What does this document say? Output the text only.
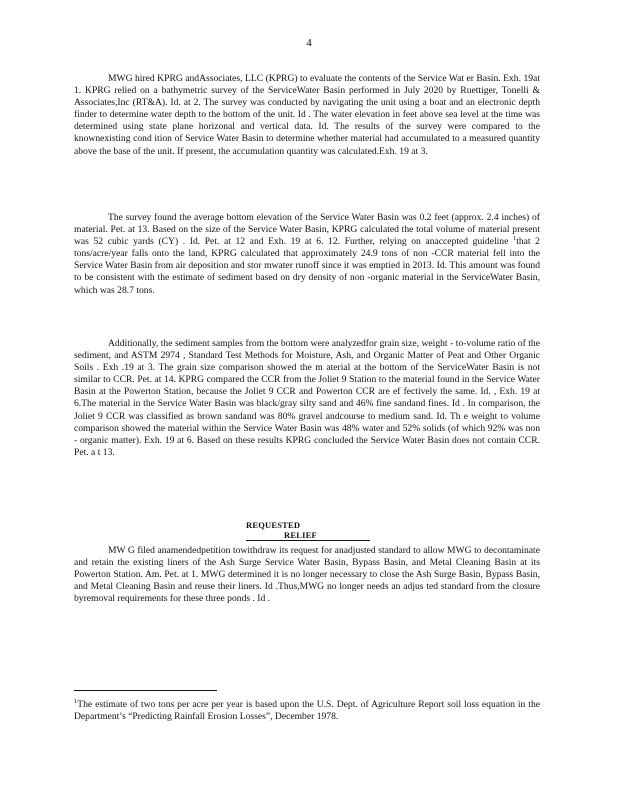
4

MWG hired KPRG andAssociates, LLC (KPRG) to evaluate the contents of the Service Wat er Basin. Exh. 19at 1. KPRG relied on a bathymetric survey of the ServiceWater Basin performed in July 2020 by Ruettiger, Tonelli & Associates,Inc (RT&A). Id. at 2. The survey was conducted by navigating the unit using a boat and an electronic depth finder to determine water depth to the bottom of the unit. Id . The water elevation in feet above sea level at the time was determined using state plane horizonal and vertical data. Id. The results of the survey were compared to the knownexisting cond ition of Service Water Basin to determine whether material had accumulated to a measured quantity above the base of the unit. If present, the accumulation quantity was calculated.Exh. 19 at 3.

The survey found the average bottom elevation of the Service Water Basin was 0.2 feet (approx. 2.4 inches) of material. Pet. at 13. Based on the size of the Service Water Basin, KPRG calculated the total volume of material present was 52 cubic yards (CY) . Id. Pet. at 12 and Exh. 19 at 6. 12. Further, relying on anaccepted guideline $^1$that 2 tons/acre/year falls onto the land, KPRG calculated that approximately 24.9 tons of non -CCR material fell into the Service Water Basin from air deposition and stor mwater runoff since it was emptied in 2013. Id. This amount was found to be consistent with the estimate of sediment based on dry density of non -organic material in the ServiceWater Basin, which was 28.7 tons.

Additionally, the sediment samples from the bottom were analyzedfor grain size, weight - to-volume ratio of the sediment, and ASTM 2974 , Standard Test Methods for Moisture, Ash, and Organic Matter of Peat and Other Organic Soils . Exh .19 at 3. The grain size comparison showed the m aterial at the bottom of the ServiceWater Basin is not similar to CCR. Pet. at 14. KPRG compared the CCR from the Joliet 9 Station to the material found in the Service Water Basin at the Powerton Station, because the Joliet 9 CCR and Powerton CCR are ef fectively the same. Id. , Exh. 19 at 6.The material in the Service Water Basin was black/gray silty sand and 46% fine sandand fines. Id . In comparison, the Joliet 9 CCR was classified as brown sandand was 80% gravel andcourse to medium sand. Id. Th e weight to volume comparison showed the material within the Service Water Basin was 48% water and 52% solids (of which 92% was non - organic matter). Exh. 19 at 6. Based on these results KPRG concluded the Service Water Basin does not contain CCR. Pet. a t 13.

REQUESTEDRELIEF

MW G filed anamendedpetition towithdraw its request for anadjusted standard to allow MWG to decontaminate and retain the existing liners of the Ash Surge Service Water Basin, Bypass Basin, and Metal Cleaning Basin at its Powerton Station. Am. Pet. at 1. MWG determined it is no longer necessary to close the Ash Surge Basin, Bypass Basin, and Metal Cleaning Basin and reuse their liners. Id .Thus,MWG no longer needs an adjus ted standard from the closure byremoval requirements for these three ponds . Id .

$^1$The estimate of two tons per acre per year is based upon the U.S. Dept. of Agriculture Report soil loss equation in the Department’s “Predicting Rainfall Erosion Losses”, December 1978.
